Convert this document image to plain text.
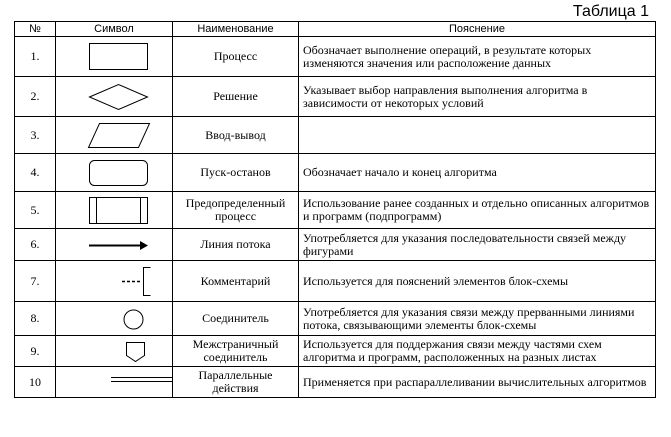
Таблица 1
№	Символ	Наименование	Пояснение
1.		Процесс	Обозначает выполнение операций, в результате которых изменяются значения или расположение данных
2.		Решение	Указывает выбор направления выполнения алгоритма в зависимости от некоторых условий
3.		Ввод-вывод	
4.		Пуск-останов	Обозначает начало и конец алгоритма
5.		Предопределенный процесс	Использование ранее созданных и отдельно описанных алгоритмов и программ (подпрограмм)
6.		Линия потока	Употребляется для указания последовательности связей между фигурами
7.		Комментарий	Используется для пояснений элементов блок-схемы
8.		Соединитель	Употребляется для указания связи между прерванными линиями потока, связывающими элементы блок-схемы
9.		Межстраничный соединитель	Используется для поддержания связи между частями схем алгоритма и программ, расположенных на разных листах
10		Параллельные действия	Применяется при распараллеливании вычислительных алгоритмов
